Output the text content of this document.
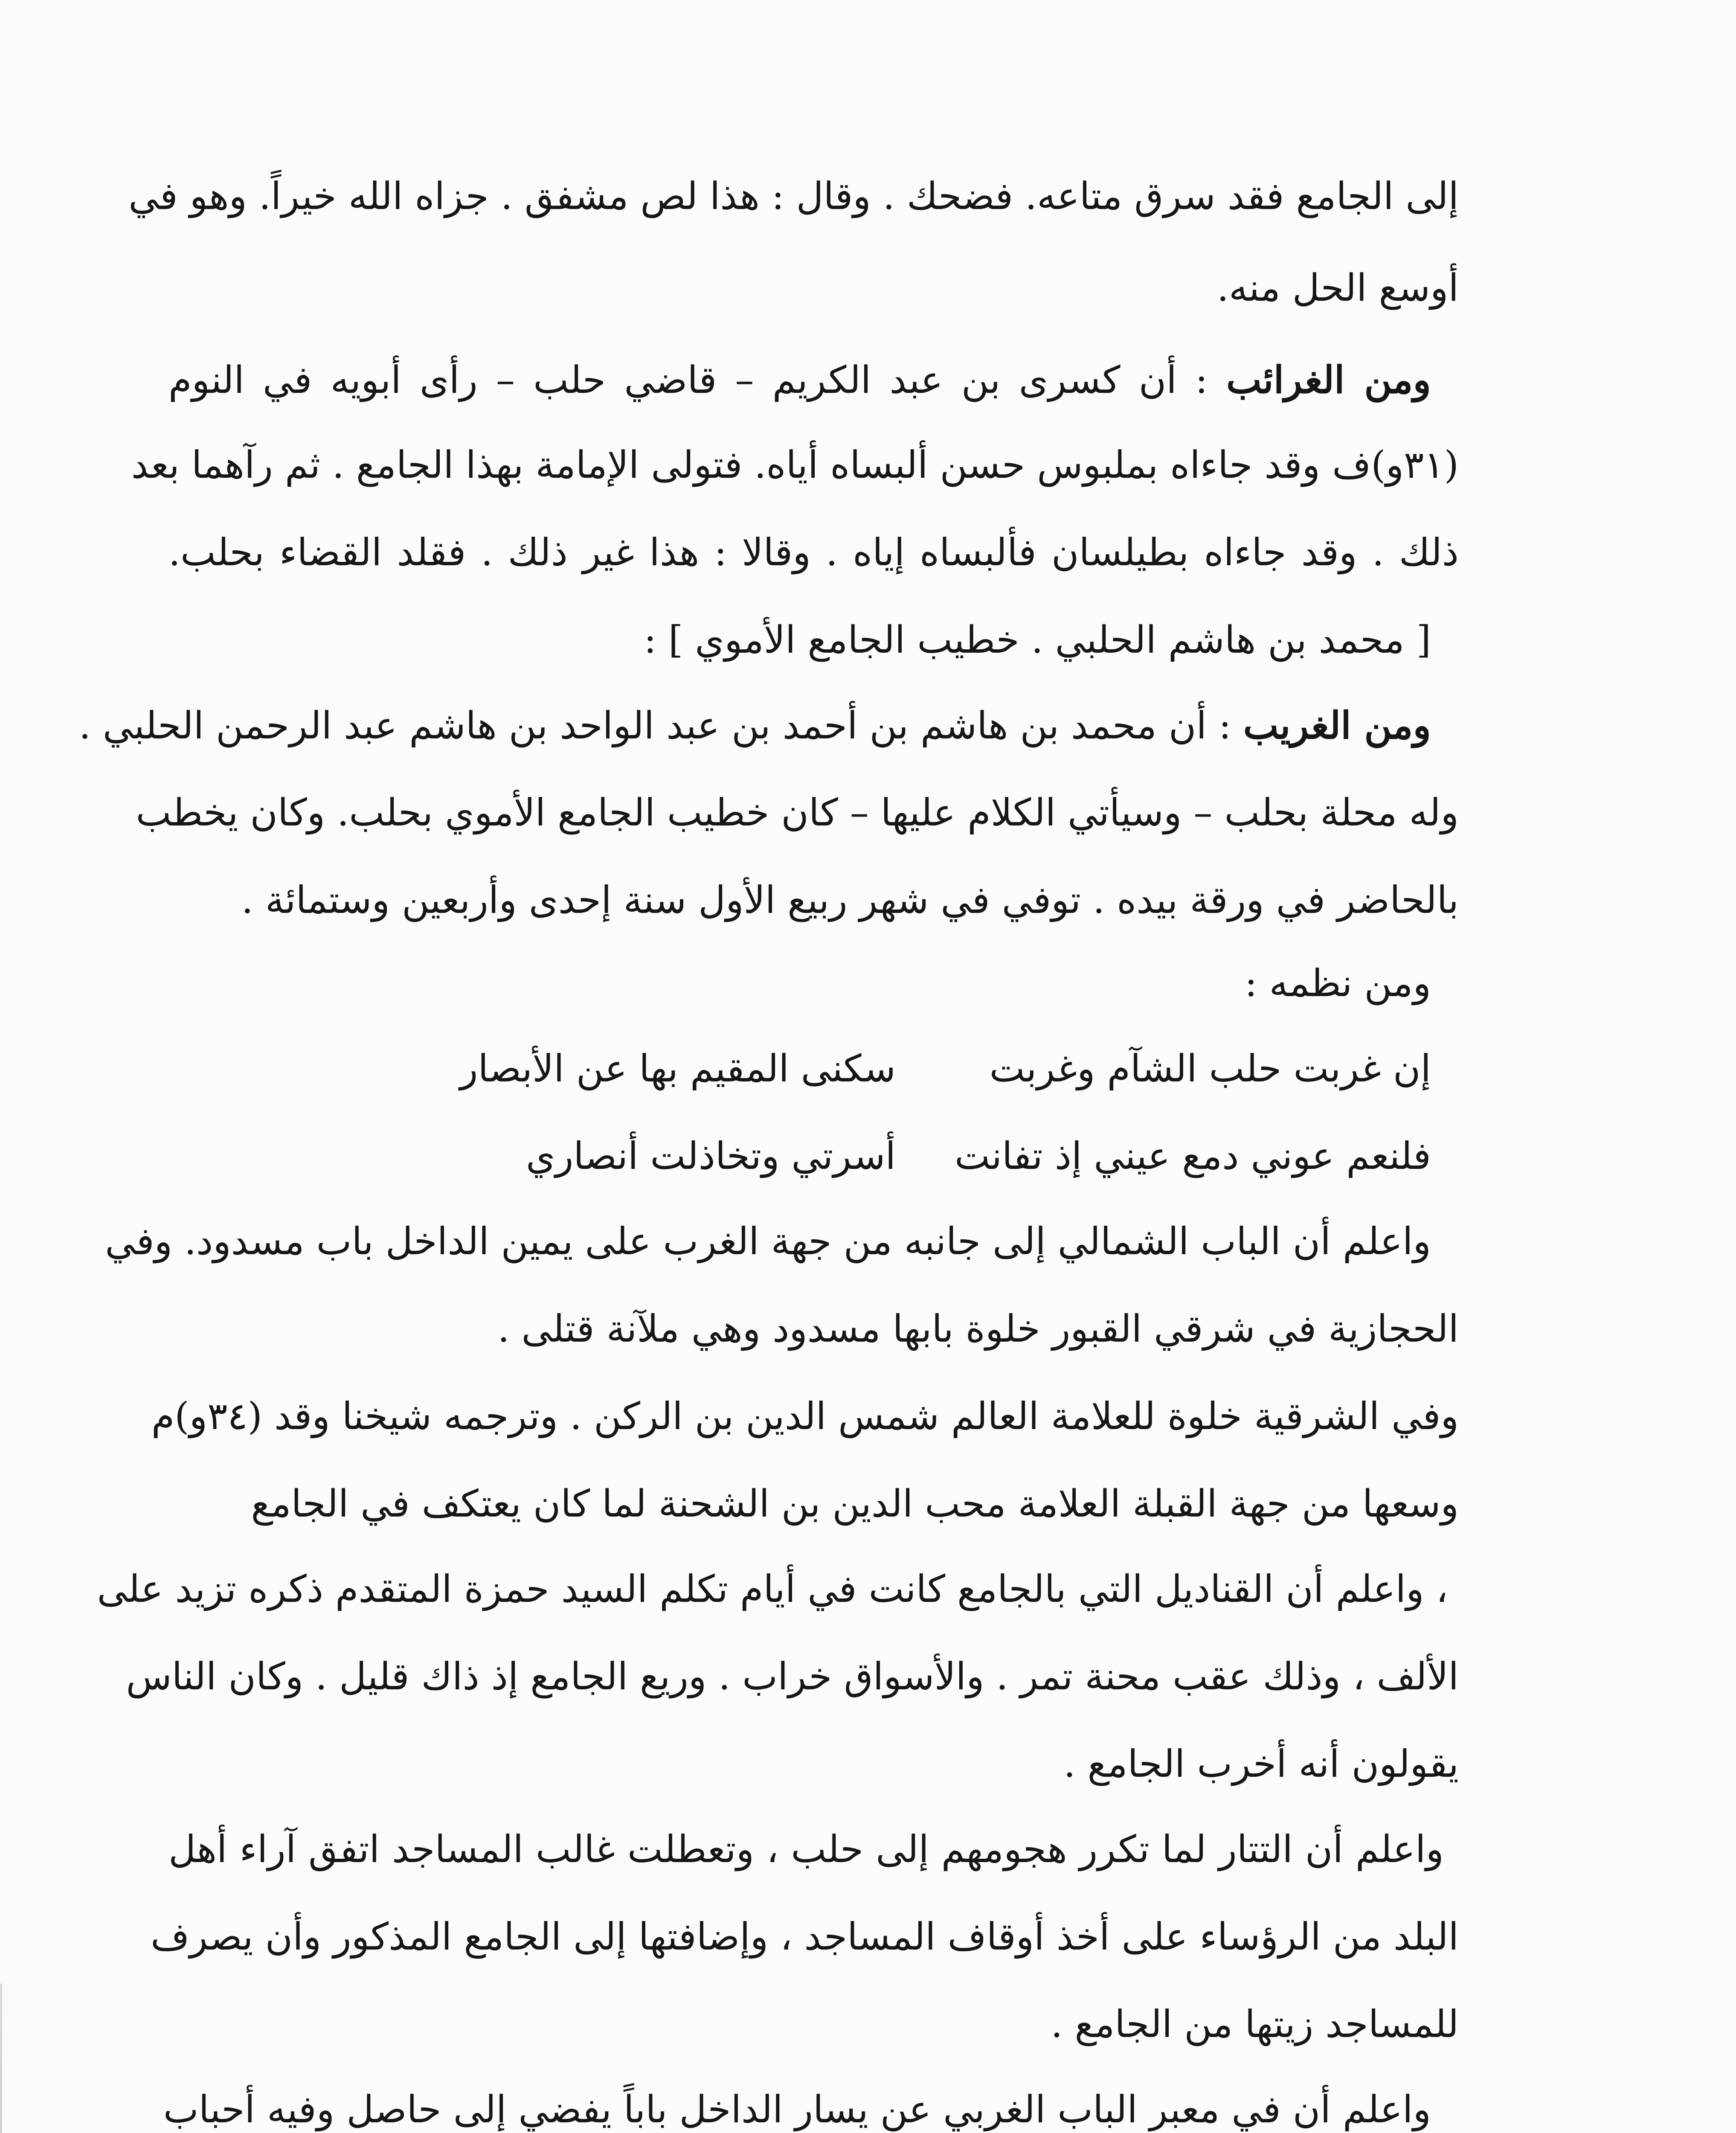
إلى الجامع فقد سرق متاعه. فضحك . وقال : هذا لص مشفق . جزاه الله خيراً. وهو في
أوسع الحل منه.
ومن الغرائب : أن كسرى بن عبد الكريم – قاضي حلب – رأى أبويه في النوم
(٣١و)ف وقد جاءاه بملبوس حسن ألبساه أياه. فتولى الإمامة بهذا الجامع . ثم رآهما بعد
ذلك . وقد جاءاه بطيلسان فألبساه إياه . وقالا : هذا غير ذلك . فقلد القضاء بحلب.
[ محمد بن هاشم الحلبي . خطيب الجامع الأموي ] :
ومن الغريب : أن محمد بن هاشم بن أحمد بن عبد الواحد بن هاشم عبد الرحمن الحلبي .
وله محلة بحلب – وسيأتي الكلام عليها – كان خطيب الجامع الأموي بحلب. وكان يخطب
بالحاضر في ورقة بيده . توفي في شهر ربيع الأول سنة إحدى وأربعين وستمائة .
ومن نظمه :
إن غربت حلب الشآم وغربت
سكنى المقيم بها عن الأبصار
فلنعم عوني دمع عيني إذ تفانت
أسرتي وتخاذلت أنصاري
واعلم أن الباب الشمالي إلى جانبه من جهة الغرب على يمين الداخل باب مسدود. وفي
الحجازية في شرقي القبور خلوة بابها مسدود وهي ملآنة قتلى .
وفي الشرقية خلوة للعلامة العالم شمس الدين بن الركن . وترجمه شيخنا وقد (٣٤و)م
وسعها من جهة القبلة العلامة محب الدين بن الشحنة لما كان يعتكف في الجامع
، واعلم أن القناديل التي بالجامع كانت في أيام تكلم السيد حمزة المتقدم ذكره تزيد على
الألف ، وذلك عقب محنة تمر . والأسواق خراب . وريع الجامع إذ ذاك قليل . وكان الناس
يقولون أنه أخرب الجامع .
واعلم أن التتار لما تكرر هجومهم إلى حلب ، وتعطلت غالب المساجد اتفق آراء أهل
البلد من الرؤساء على أخذ أوقاف المساجد ، وإضافتها إلى الجامع المذكور وأن يصرف
للمساجد زيتها من الجامع .
واعلم أن في معبر الباب الغربي عن يسار الداخل باباً يفضي إلى حاصل وفيه أحباب
